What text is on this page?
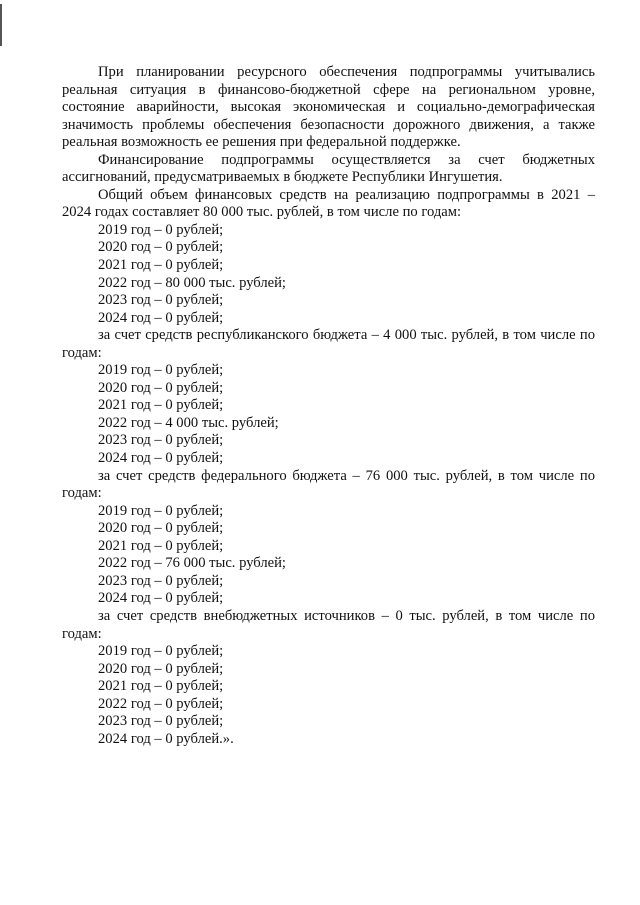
При планировании ресурсного обеспечения подпрограммы учитывались реальная ситуация в финансово-бюджетной сфере на региональном уровне, состояние аварийности, высокая экономическая и социально-демографическая значимость проблемы обеспечения безопасности дорожного движения, а также реальная возможность ее решения при федеральной поддержке.

Финансирование подпрограммы осуществляется за счет бюджетных ассигнований, предусматриваемых в бюджете Республики Ингушетия.

Общий объем финансовых средств на реализацию подпрограммы в 2021 – 2024 годах составляет 80 000 тыс. рублей, в том числе по годам:

2019 год – 0 рублей;

2020 год – 0 рублей;

2021 год – 0 рублей;

2022 год – 80 000 тыс. рублей;

2023 год – 0 рублей;

2024 год – 0 рублей;

за счет средств республиканского бюджета – 4 000 тыс. рублей, в том числе по годам:

2019 год – 0 рублей;

2020 год – 0 рублей;

2021 год – 0 рублей;

2022 год – 4 000 тыс. рублей;

2023 год – 0 рублей;

2024 год – 0 рублей;

за счет средств федерального бюджета – 76 000 тыс. рублей, в том числе по годам:

2019 год – 0 рублей;

2020 год – 0 рублей;

2021 год – 0 рублей;

2022 год – 76 000 тыс. рублей;

2023 год – 0 рублей;

2024 год – 0 рублей;

за счет средств внебюджетных источников – 0 тыс. рублей, в том числе по годам:

2019 год – 0 рублей;

2020 год – 0 рублей;

2021 год – 0 рублей;

2022 год – 0 рублей;

2023 год – 0 рублей;

2024 год – 0 рублей.».
